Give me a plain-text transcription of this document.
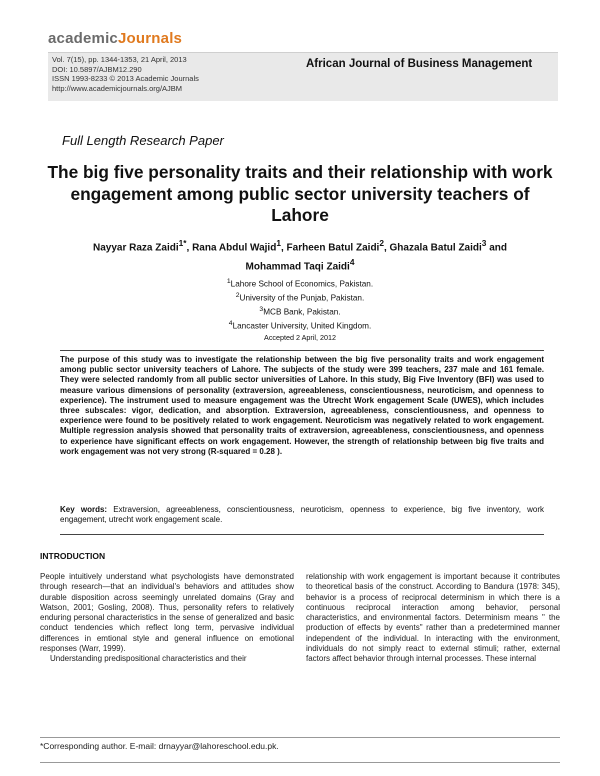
academicJournals
Vol. 7(15), pp. 1344-1353, 21 April, 2013
DOI: 10.5897/AJBM12.290
ISSN 1993-8233 © 2013 Academic Journals
http://www.academicjournals.org/AJBM
African Journal of Business Management
Full Length Research Paper
The big five personality traits and their relationship with work engagement among public sector university teachers of Lahore
Nayyar Raza Zaidi$^{1*}$, Rana Abdul Wajid$^1$, Farheen Batul Zaidi$^2$, Ghazala Batul Zaidi$^3$ and
Mohammad Taqi Zaidi$^4$
$^1$Lahore School of Economics, Pakistan.
$^2$University of the Punjab, Pakistan.
$^3$MCB Bank, Pakistan.
$^4$Lancaster University, United Kingdom.
Accepted 2 April, 2012
The purpose of this study was to investigate the relationship between the big five personality traits and work engagement among public sector university teachers of Lahore. The subjects of the study were 399 teachers, 237 male and 161 female. They were selected randomly from all public sector universities of Lahore. In this study, Big Five Inventory (BFI) was used to measure various dimensions of personality (extraversion, agreeableness, conscientiousness, neuroticism, and openness to experience). The instrument used to measure engagement was the Utrecht Work engagement Scale (UWES), which includes three subscales: vigor, dedication, and absorption. Extraversion, agreeableness, conscientiousness, and openness to experience were found to be positively related to work engagement. Neuroticism was negatively related to work engagement. Multiple regression analysis showed that personality traits of extraversion, agreeableness, conscientiousness, and openness to experience have significant effects on work engagement. However, the strength of relationship between big five traits and work engagement was not very strong (R-squared = 0.28 ).
Key words: Extraversion, agreeableness, conscientiousness, neuroticism, openness to experience, big five inventory, work engagement, utrecht work engagement scale.
INTRODUCTION

People intuitively understand what psychologists have demonstrated through research—that an individual's behaviors and attitudes show durable disposition across seemingly unrelated domains (Gray and Watson, 2001; Gosling, 2008). Thus, personality refers to relatively enduring personal characteristics in the sense of generalized and basic conduct tendencies which reflect long term, pervasive individual differences in emtional style and general influence on emotional responses (Warr, 1999).

Understanding predispositional characteristics and their

relationship with work engagement is important because it contributes to theoretical basis of the construct. According to Bandura (1978: 345), behavior is a process of reciprocal determinism in which there is a continuous reciprocal interaction among behavior, personal characteristics, and environmental factors. Determinism means " the production of effects by events" rather than a predetermined manner independent of the individual. In interacting with the environment, individuals do not simply react to external stimuli; rather, external factors affect behavior through internal processes. These internal

*Corresponding author. E-mail: drnayyar@lahoreschool.edu.pk.
